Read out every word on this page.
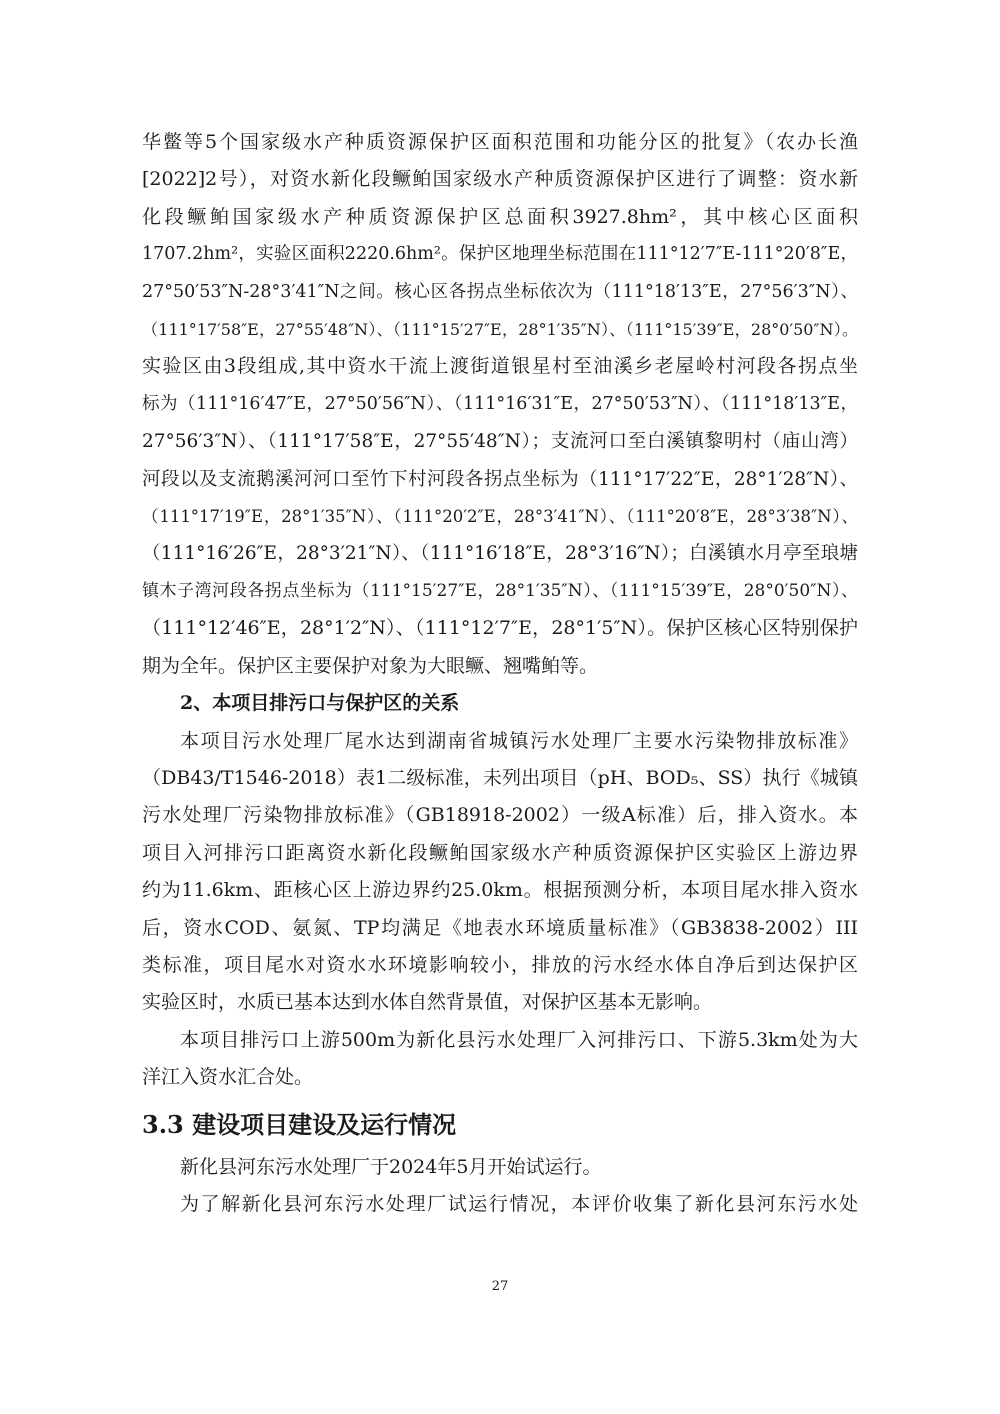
华鳖等5个国家级水产种质资源保护区面积范围和功能分区的批复》（农办长渔

[2022]2号），对资水新化段鳜鲌国家级水产种质资源保护区进行了调整：资水新

化段鳜鲌国家级水产种质资源保护区总面积3927.8hm²，其中核心区面积

1707.2hm²，实验区面积2220.6hm²。保护区地理坐标范围在111°12′7″E-111°20′8″E，

27°50′53″N-28°3′41″N之间。核心区各拐点坐标依次为（111°18′13″E，27°56′3″N）、

（111°17′58″E，27°55′48″N）、（111°15′27″E，28°1′35″N）、（111°15′39″E，28°0′50″N）。

实验区由3段组成,其中资水干流上渡街道银星村至油溪乡老屋岭村河段各拐点坐

标为（111°16′47″E，27°50′56″N）、（111°16′31″E，27°50′53″N）、（111°18′13″E，

27°56′3″N）、（111°17′58″E，27°55′48″N）；支流河口至白溪镇黎明村（庙山湾）

河段以及支流鹅溪河河口至竹下村河段各拐点坐标为（111°17′22″E，28°1′28″N）、

（111°17′19″E，28°1′35″N）、（111°20′2″E，28°3′41″N）、（111°20′8″E，28°3′38″N）、

（111°16′26″E，28°3′21″N）、（111°16′18″E，28°3′16″N）；白溪镇水月亭至琅塘

镇木子湾河段各拐点坐标为（111°15′27″E，28°1′35″N）、（111°15′39″E，28°0′50″N）、

（111°12′46″E，28°1′2″N）、（111°12′7″E，28°1′5″N）。保护区核心区特别保护

期为全年。保护区主要保护对象为大眼鳜、翘嘴鲌等。

2、本项目排污口与保护区的关系

本项目污水处理厂尾水达到湖南省城镇污水处理厂主要水污染物排放标准》

（DB43/T1546-2018）表1二级标准，未列出项目（pH、BOD₅、SS）执行《城镇

污水处理厂污染物排放标准》（GB18918-2002）一级A标准）后，排入资水。本

项目入河排污口距离资水新化段鳜鲌国家级水产种质资源保护区实验区上游边界

约为11.6km、距核心区上游边界约25.0km。根据预测分析，本项目尾水排入资水

后，资水COD、氨氮、TP均满足《地表水环境质量标准》（GB3838-2002）III

类标准，项目尾水对资水水环境影响较小，排放的污水经水体自净后到达保护区

实验区时，水质已基本达到水体自然背景值，对保护区基本无影响。

本项目排污口上游500m为新化县污水处理厂入河排污口、下游5.3km处为大

洋江入资水汇合处。

3.3 建设项目建设及运行情况

新化县河东污水处理厂于2024年5月开始试运行。

为了解新化县河东污水处理厂试运行情况，本评价收集了新化县河东污水处

27
